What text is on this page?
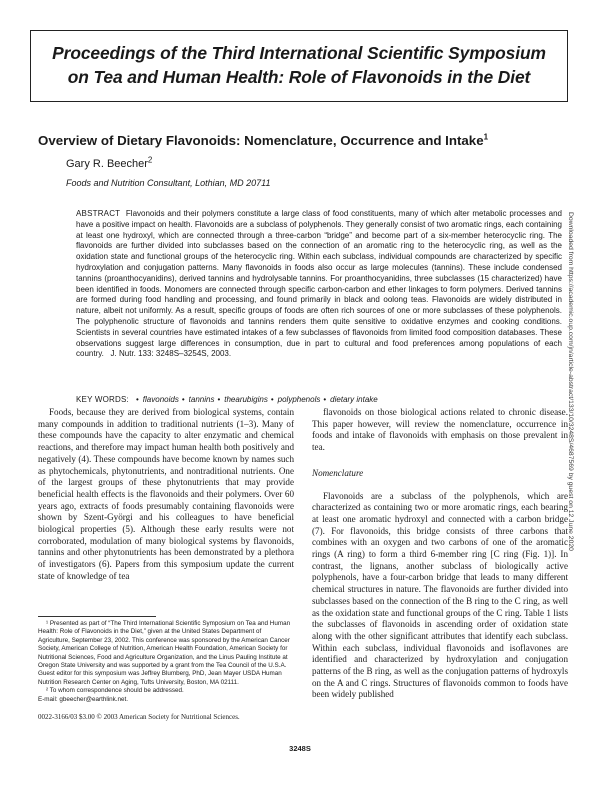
Proceedings of the Third International Scientific Symposium
on Tea and Human Health: Role of Flavonoids in the Diet
Overview of Dietary Flavonoids: Nomenclature, Occurrence and Intake$^1$
Gary R. Beecher$^2$
Foods and Nutrition Consultant, Lothian, MD 20711

ABSTRACT Flavonoids and their polymers constitute a large class of food constituents, many of which alter metabolic processes and have a positive impact on health. Flavonoids are a subclass of polyphenols. They generally consist of two aromatic rings, each containing at least one hydroxyl, which are connected through a three-carbon “bridge” and become part of a six-member heterocyclic ring. The flavonoids are further divided into subclasses based on the connection of an aromatic ring to the heterocyclic ring, as well as the oxidation state and functional groups of the heterocyclic ring. Within each subclass, individual compounds are characterized by specific hydroxylation and conjugation patterns. Many flavonoids in foods also occur as large molecules (tannins). These include condensed tannins (proanthocyanidins), derived tannins and hydrolysable tannins. For proanthocyanidins, three subclasses (15 characterized) have been identified in foods. Monomers are connected through specific carbon-carbon and ether linkages to form polymers. Derived tannins are formed during food handling and processing, and found primarily in black and oolong teas. Flavonoids are widely distributed in nature, albeit not uniformly. As a result, specific groups of foods are often rich sources of one or more subclasses of these polyphenols. The polyphenolic structure of flavonoids and tannins renders them quite sensitive to oxidative enzymes and cooking conditions. Scientists in several countries have estimated intakes of a few subclasses of flavonoids from limited food composition databases. These observations suggest large differences in consumption, due in part to cultural and food preferences among populations of each country. J. Nutr. 133: 3248S–3254S, 2003.

KEY WORDS: • flavonoids • tannins • thearubigins • polyphenols • dietary intake

Foods, because they are derived from biological systems, contain many compounds in addition to traditional nutrients (1–3). Many of these compounds have the capacity to alter enzymatic and chemical reactions, and therefore may impact human health both positively and negatively (4). These compounds have become known by names such as phytochemicals, phytonutrients, and nontraditional nutrients. One of the largest groups of these phytonutrients that may provide beneficial health effects is the flavonoids and their polymers. Over 60 years ago, extracts of foods presumably containing flavonoids were shown by Szent-Györgi and his colleagues to have beneficial biological properties (5). Although these early results were not corroborated, modulation of many biological systems by flavonoids, tannins and other phytonutrients has been demonstrated by a plethora of investigators (6). Papers from this symposium update the current state of knowledge of tea

flavonoids on those biological actions related to chronic disease. This paper however, will review the nomenclature, occurrence in foods and intake of flavonoids with emphasis on those prevalent in tea.

Nomenclature

Flavonoids are a subclass of the polyphenols, which are characterized as containing two or more aromatic rings, each bearing at least one aromatic hydroxyl and connected with a carbon bridge (7). For flavonoids, this bridge consists of three carbons that combines with an oxygen and two carbons of one of the aromatic rings (A ring) to form a third 6-member ring [C ring (Fig. 1)]. In contrast, the lignans, another subclass of biologically active polyphenols, have a four-carbon bridge that leads to many different chemical structures in nature. The flavonoids are further divided into subclasses based on the connection of the B ring to the C ring, as well as the oxidation state and functional groups of the C ring. Table 1 lists the subclasses of flavonoids in ascending order of oxidation state along with the other significant attributes that identify each subclass. Within each subclass, individual flavonoids and isoflavones are identified and characterized by hydroxylation and conjugation patterns of the B ring, as well as the conjugation patterns of hydroxyls on the A and C rings. Structures of flavonoids common to foods have been widely published

¹ Presented as part of “The Third International Scientific Symposium on Tea and Human Health: Role of Flavonoids in the Diet,” given at the United States Department of Agriculture, September 23, 2002. This conference was sponsored by the American Cancer Society, American College of Nutrition, American Health Foundation, American Society for Nutritional Sciences, Food and Agriculture Organization, and the Linus Pauling Institute at Oregon State University and was supported by a grant from the Tea Council of the U.S.A. Guest editor for this symposium was Jeffrey Blumberg, PhD, Jean Mayer USDA Human Nutrition Research Center on Aging, Tufts University, Boston, MA 02111.

² To whom correspondence should be addressed.

E-mail: gbeecher@earthlink.net.

0022-3166/03 $3.00 © 2003 American Society for Nutritional Sciences.
3248S
Downloaded from https://academic.oup.com/jn/article-abstract/133/10/3248S/4687569 by guest on 12 June 2020
